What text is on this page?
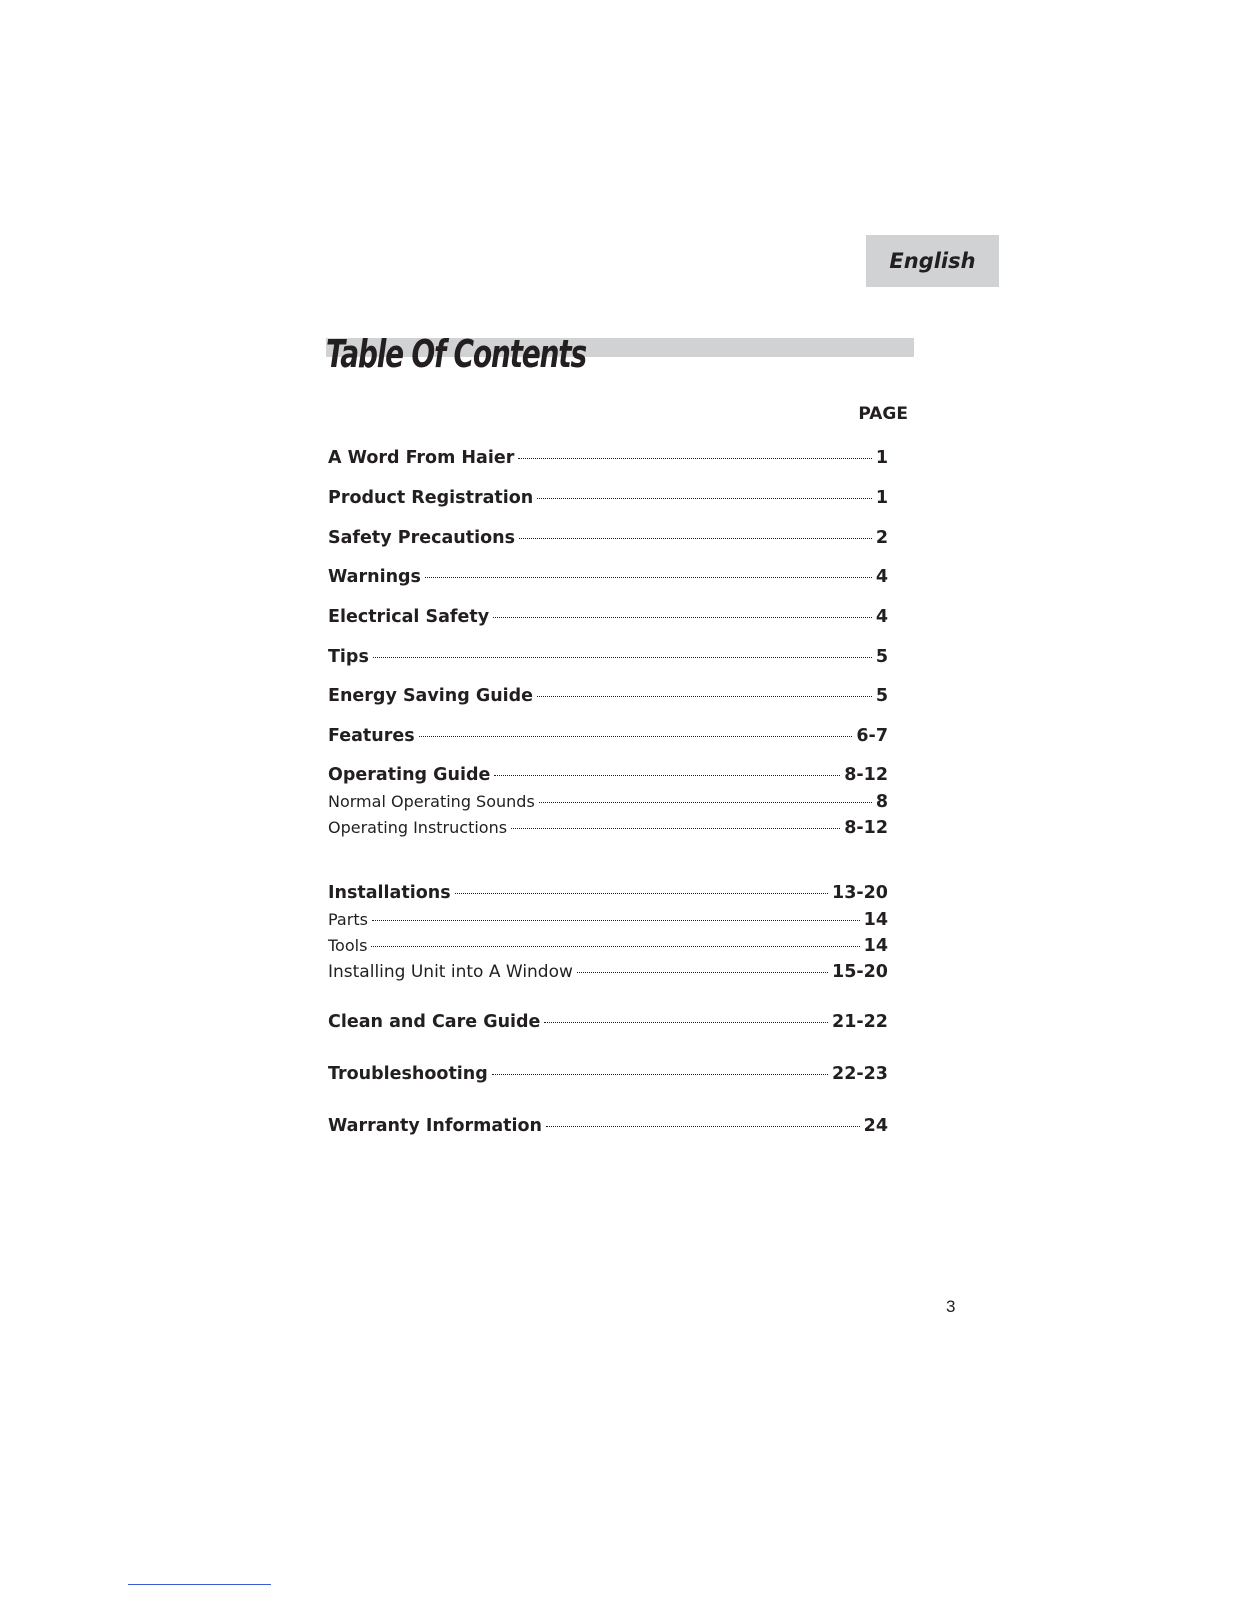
English
Table Of Contents
PAGE
A Word From Haier	1
Product Registration	1
Safety Precautions	2
Warnings	4
Electrical Safety	4
Tips	5
Energy Saving Guide	5
Features	6-7
Operating Guide	8-12
Normal Operating Sounds	8
Operating Instructions	8-12
Installations	13-20
Parts	14
Tools	14
Installing Unit into A Window	15-20
Clean and Care Guide	21-22
Troubleshooting	22-23
Warranty Information	24
3
